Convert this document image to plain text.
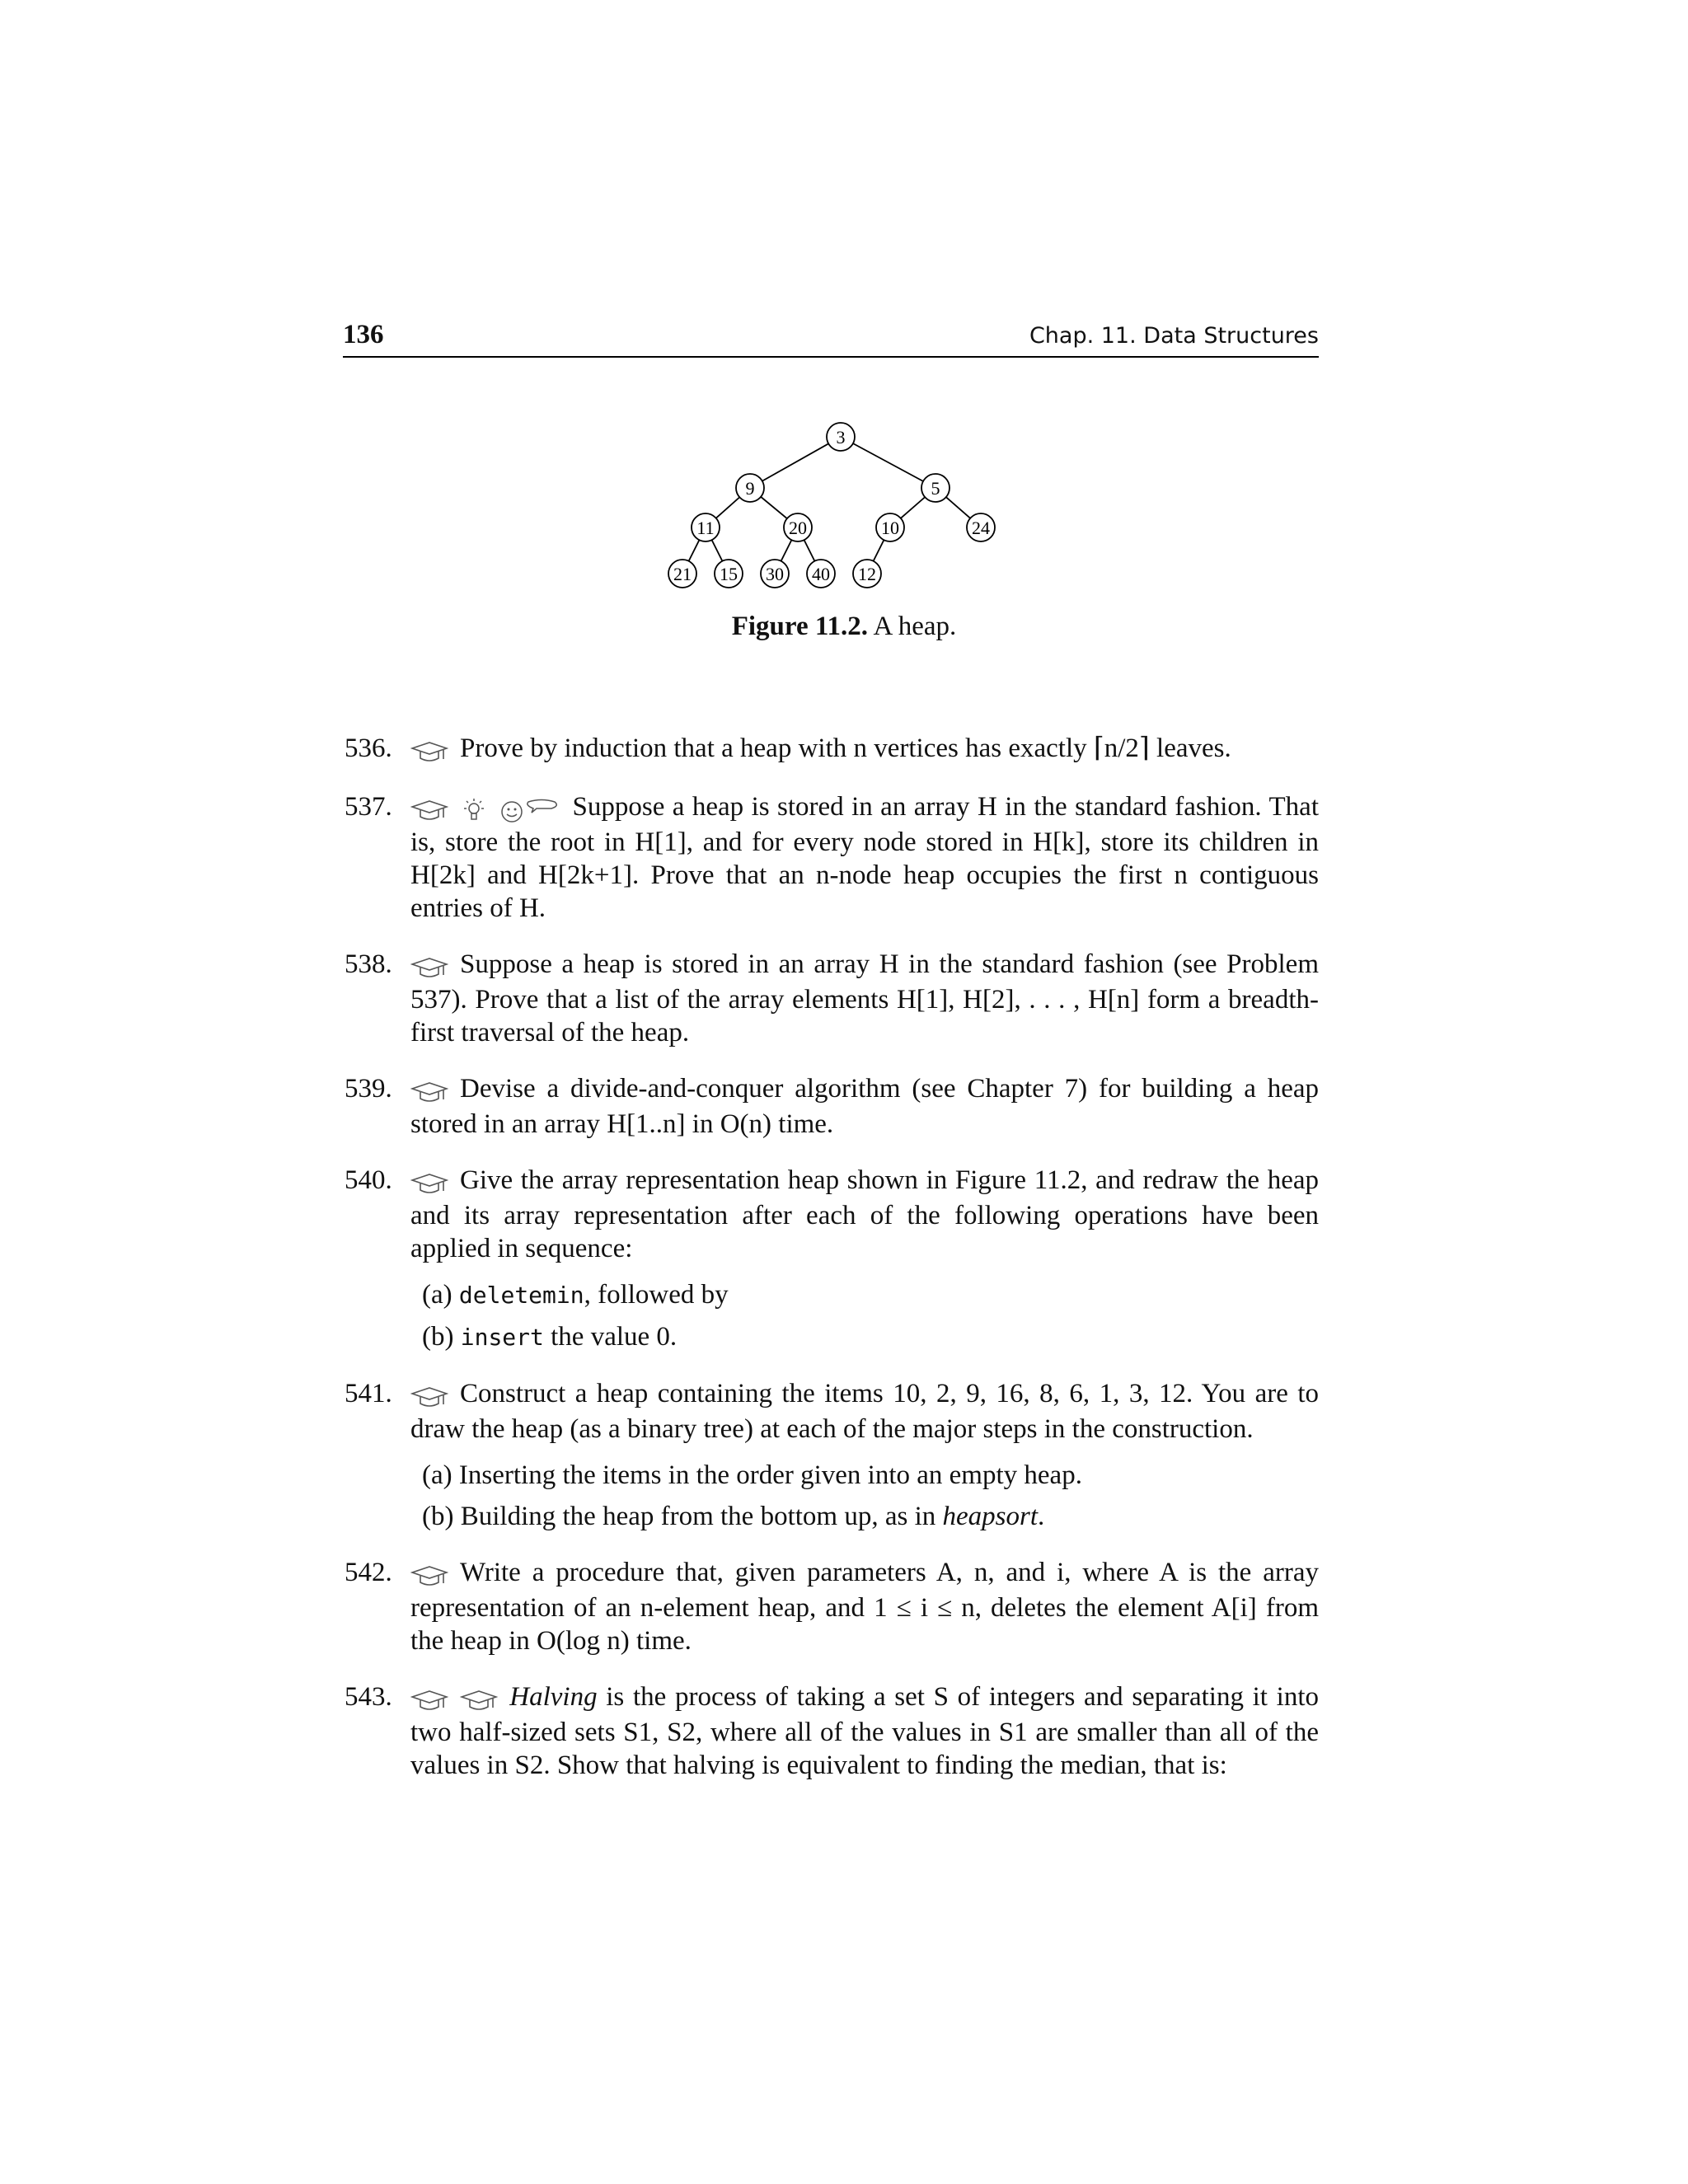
136	Chap. 11. Data Structures
3
9	5
11	20	10	24
21 15 30 40 12
Figure 11.2. A heap.
536. Prove by induction that a heap with n vertices has exactly ⌈n/2⌉ leaves.
537.	Suppose a heap is stored in an array H in the standard fashion. That is, store the root in H[1], and for every node stored in H[k], store its children in H[2k] and H[2k+1]. Prove that an n-node heap occupies the first n contiguous entries of H.
538. Suppose a heap is stored in an array H in the standard fashion (see Problem 537). Prove that a list of the array elements H[1], H[2], . . . , H[n] form a breadth-first traversal of the heap.
539. Devise a divide-and-conquer algorithm (see Chapter 7) for building a heap stored in an array H[1..n] in O(n) time.
540. Give the array representation heap shown in Figure 11.2, and redraw the heap and its array representation after each of the following operations have been applied in sequence:
(a) deletemin, followed by
(b) insert the value 0.
541. Construct a heap containing the items 10, 2, 9, 16, 8, 6, 1, 3, 12. You are to draw the heap (as a binary tree) at each of the major steps in the construction.
(a) Inserting the items in the order given into an empty heap.
(b) Building the heap from the bottom up, as in heapsort.
542. Write a procedure that, given parameters A, n, and i, where A is the array representation of an n-element heap, and 1 ≤ i ≤ n, deletes the element A[i] from the heap in O(log n) time.
543.	Halving is the process of taking a set S of integers and separating it into two half-sized sets S1, S2, where all of the values in S1 are smaller than all of the values in S2. Show that halving is equivalent to finding the median, that is:
